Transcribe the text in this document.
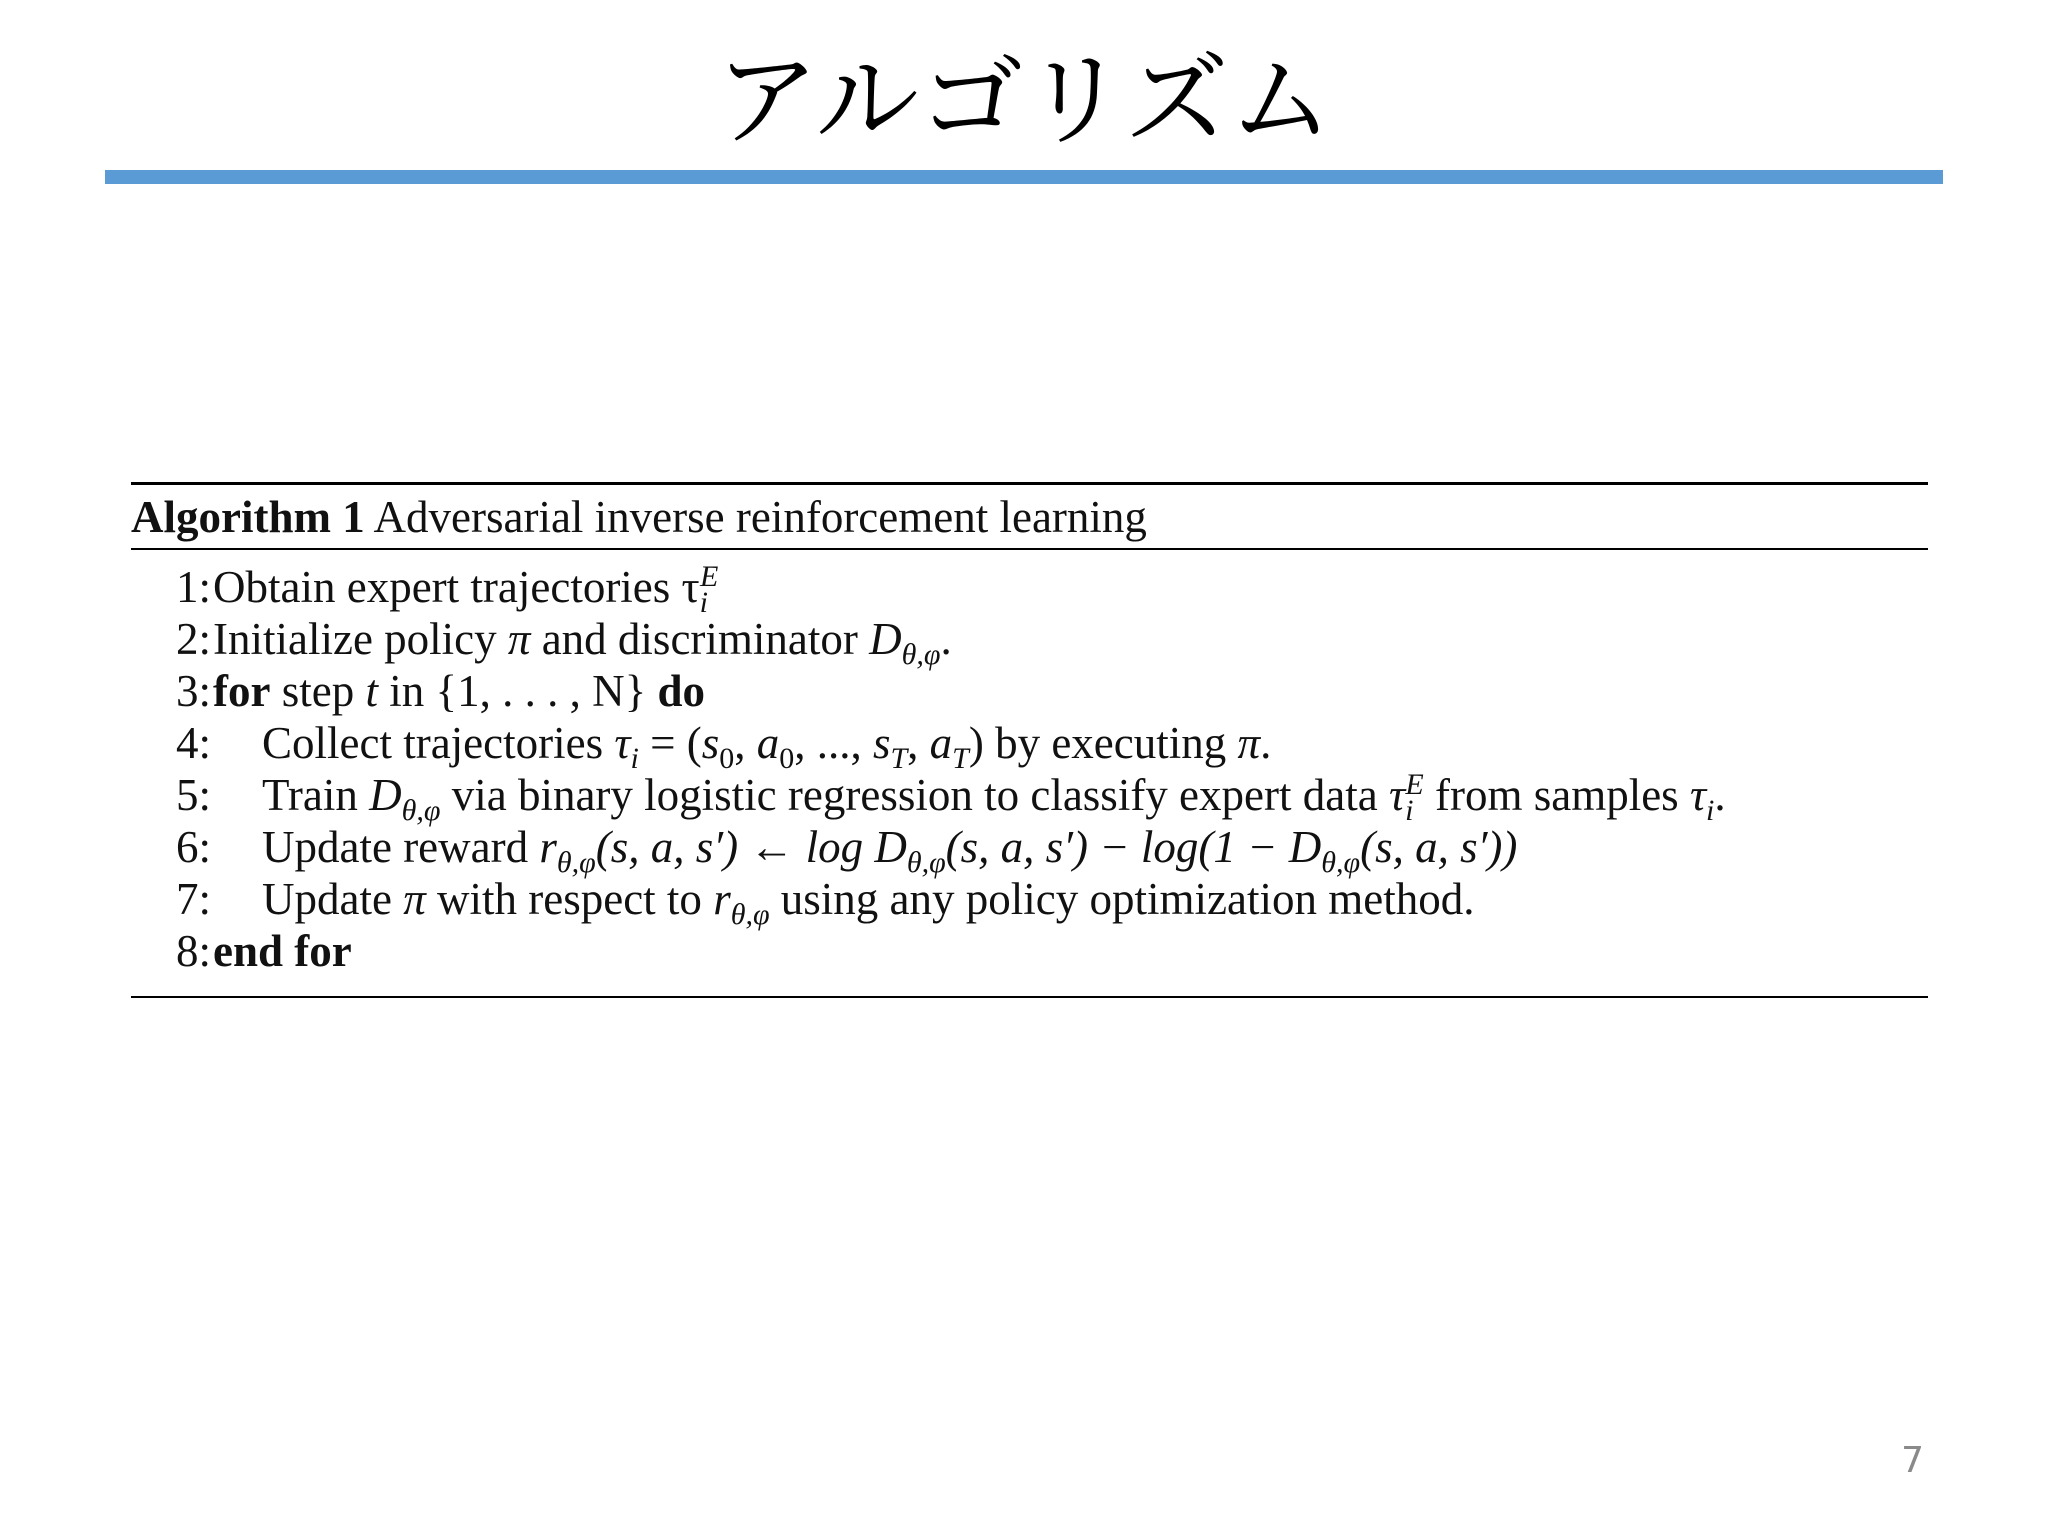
アルゴリズム
Algorithm 1 Adversarial inverse reinforcement learning
1: Obtain expert trajectories $\tau_i^E$
2: Initialize policy π and discriminator $D_{\theta,\varphi}$.
3: for step t in {1, . . . , N} do
4: Collect trajectories $\tau_i = (s_0$, $a_0$, ..., $s_T$, $a_T$) by executing π.
5: Train $D_{\theta,\varphi}$ via binary logistic regression to classify expert data $\tau_i^E$ from samples $\tau_i$.
6: Update reward $r_{\theta,\varphi}(s$, a, s′) ← $\log D_{\theta,\varphi}(s$, a, $s') - \log(1 - D_{\theta,\varphi}(s$, a, s′))
7: Update π with respect to $r_{\theta,\varphi}$ using any policy optimization method.
8: end for
7
